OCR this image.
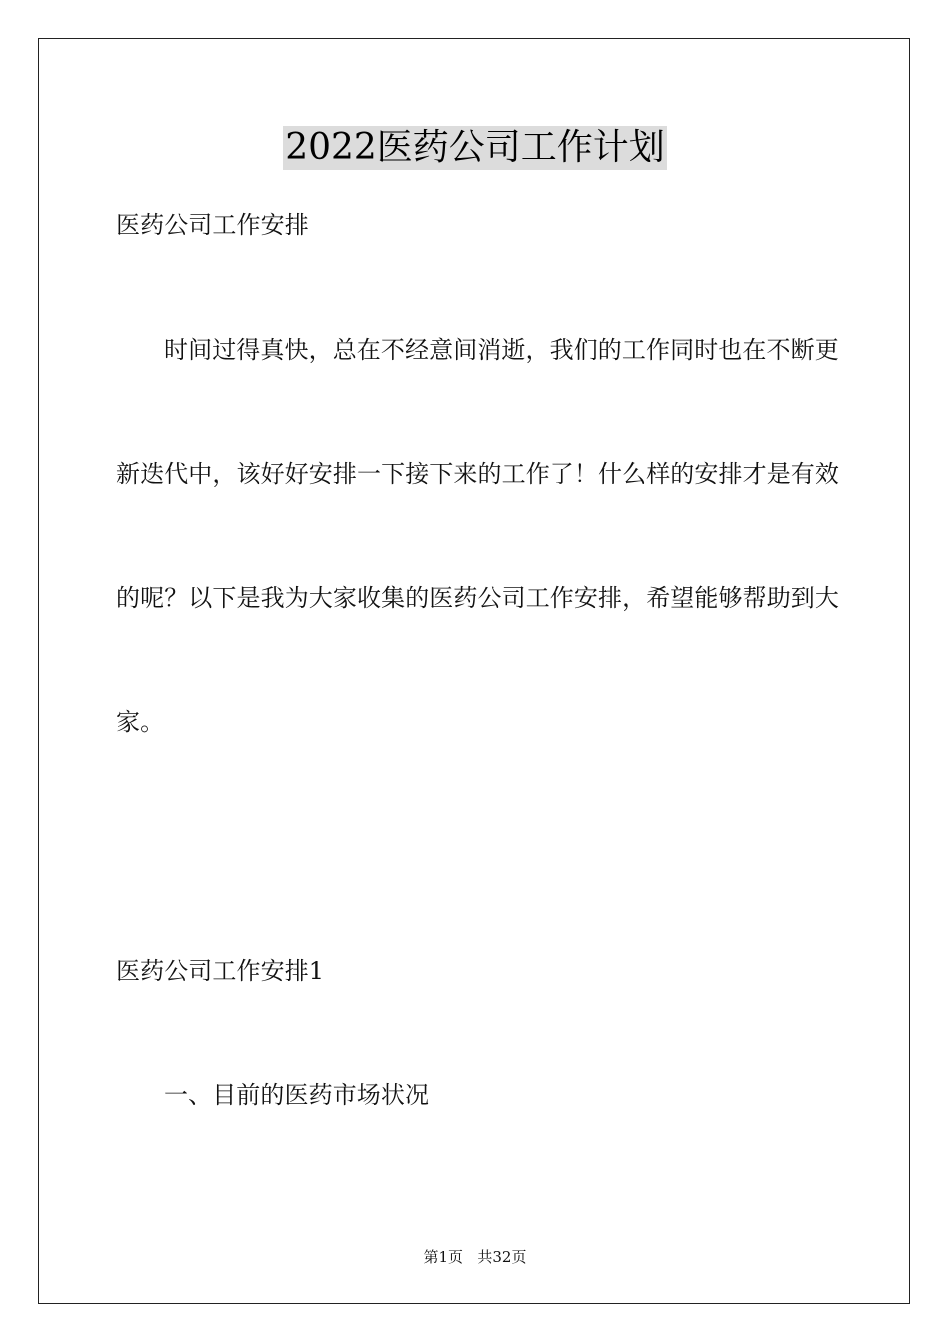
2022医药公司工作计划
医药公司工作安排
时间过得真快，总在不经意间消逝，我们的工作同时也在不断更
新迭代中，该好好安排一下接下来的工作了！什么样的安排才是有效
的呢？以下是我为大家收集的医药公司工作安排，希望能够帮助到大
家。
医药公司工作安排1
一、目前的医药市场状况
第1页 共32页
